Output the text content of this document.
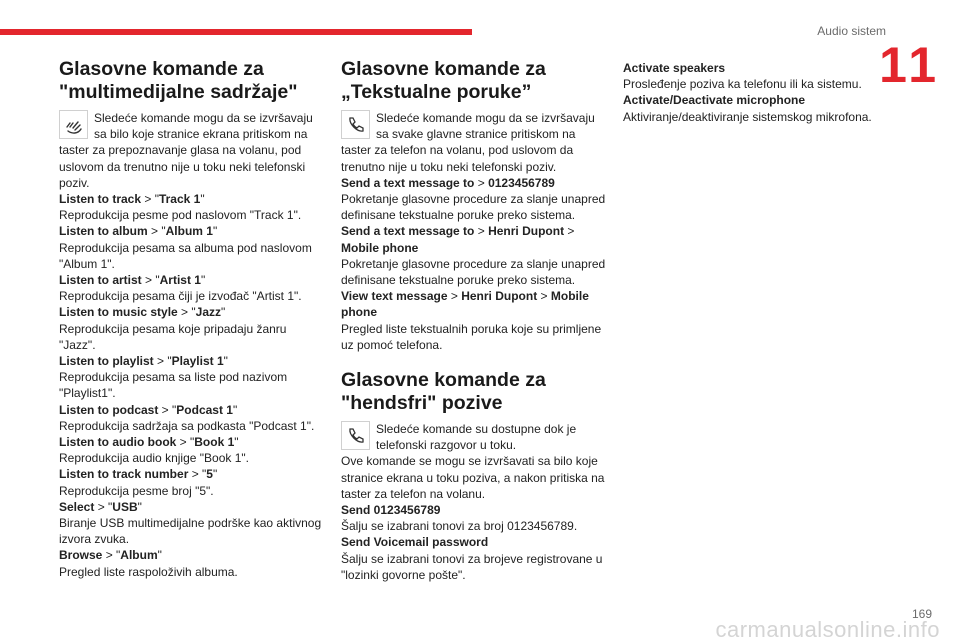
Audio sistem
11
Glasovne komande za
"multimedijalne sadržaje"
Sledeće komande mogu da se izvršavaju sa bilo koje stranice ekrana pritiskom na taster za prepoznavanje glasa na volanu, pod uslovom da trenutno nije u toku neki telefonski poziv.

Listen to track > "Track 1"

Reprodukcija pesme pod naslovom "Track 1".

Listen to album > "Album 1"

Reprodukcija pesama sa albuma pod naslovom "Album 1".

Listen to artist > "Artist 1"

Reprodukcija pesama čiji je izvođač "Artist 1".

Listen to music style > "Jazz"

Reprodukcija pesama koje pripadaju žanru "Jazz".

Listen to playlist > "Playlist 1"

Reprodukcija pesama sa liste pod nazivom "Playlist1".

Listen to podcast > "Podcast 1"

Reprodukcija sadržaja sa podkasta "Podcast 1".

Listen to audio book > "Book 1"

Reprodukcija audio knjige "Book 1".

Listen to track number > "5"

Reprodukcija pesme broj "5".

Select > "USB"

Biranje USB multimedijalne podrške kao aktivnog izvora zvuka.

Browse > "Album"

Pregled liste raspoloživih albuma.

Glasovne komande za
„Tekstualne poruke”
Sledeće komande mogu da se izvršavaju sa svake glavne stranice pritiskom na taster za telefon na volanu, pod uslovom da trenutno nije u toku neki telefonski poziv.

Send a text message to > 0123456789

Pokretanje glasovne procedure za slanje unapred definisane tekstualne poruke preko sistema.

Send a text message to > Henri Dupont > Mobile phone

Pokretanje glasovne procedure za slanje unapred definisane tekstualne poruke preko sistema.

View text message > Henri Dupont > Mobile phone

Pregled liste tekstualnih poruka koje su primljene uz pomoć telefona.

Glasovne komande za
"hendsfri" pozive
Sledeće komande su dostupne dok je telefonski razgovor u toku.

Ove komande se mogu se izvršavati sa bilo koje stranice ekrana u toku poziva, a nakon pritiska na taster za telefon na volanu.

Send 0123456789

Šalju se izabrani tonovi za broj 0123456789.

Send Voicemail password

Šalju se izabrani tonovi za brojeve registrovane u "lozinki govorne pošte".

Activate speakers

Prosleđenje poziva ka telefonu ili ka sistemu.

Activate/Deactivate microphone

Aktiviranje/deaktiviranje sistemskog mikrofona.

169
carmanualsonline.info
